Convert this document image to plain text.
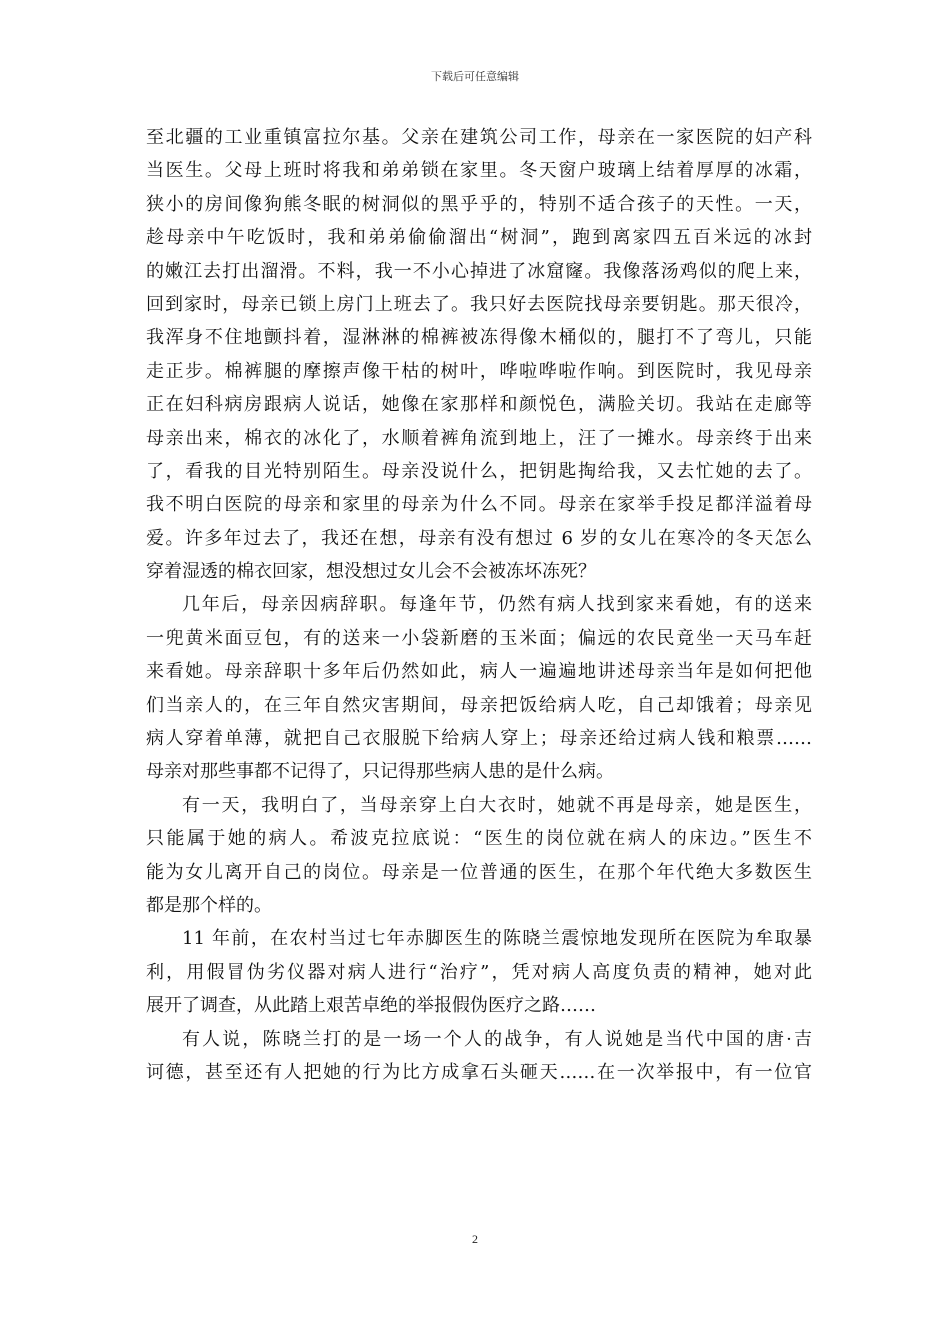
下载后可任意编辑
至北疆的工业重镇富拉尔基。父亲在建筑公司工作，母亲在一家医院的妇产科
当医生。父母上班时将我和弟弟锁在家里。冬天窗户玻璃上结着厚厚的冰霜，
狭小的房间像狗熊冬眠的树洞似的黑乎乎的，特别不适合孩子的天性。一天，
趁母亲中午吃饭时，我和弟弟偷偷溜出“树洞”，跑到离家四五百米远的冰封
的嫩江去打出溜滑。不料，我一不小心掉进了冰窟窿。我像落汤鸡似的爬上来，
回到家时，母亲已锁上房门上班去了。我只好去医院找母亲要钥匙。那天很冷，
我浑身不住地颤抖着，湿淋淋的棉裤被冻得像木桶似的，腿打不了弯儿，只能
走正步。棉裤腿的摩擦声像干枯的树叶，哗啦哗啦作响。到医院时，我见母亲
正在妇科病房跟病人说话，她像在家那样和颜悦色，满脸关切。我站在走廊等
母亲出来，棉衣的冰化了，水顺着裤角流到地上，汪了一摊水。母亲终于出来
了，看我的目光特别陌生。母亲没说什么，把钥匙掏给我，又去忙她的去了。
我不明白医院的母亲和家里的母亲为什么不同。母亲在家举手投足都洋溢着母
爱。许多年过去了，我还在想，母亲有没有想过 6 岁的女儿在寒冷的冬天怎么
穿着湿透的棉衣回家，想没想过女儿会不会被冻坏冻死？
几年后，母亲因病辞职。每逢年节，仍然有病人找到家来看她，有的送来
一兜黄米面豆包，有的送来一小袋新磨的玉米面；偏远的农民竟坐一天马车赶
来看她。母亲辞职十多年后仍然如此，病人一遍遍地讲述母亲当年是如何把他
们当亲人的，在三年自然灾害期间，母亲把饭给病人吃，自己却饿着；母亲见
病人穿着单薄，就把自己衣服脱下给病人穿上；母亲还给过病人钱和粮票……
母亲对那些事都不记得了，只记得那些病人患的是什么病。
有一天，我明白了，当母亲穿上白大衣时，她就不再是母亲，她是医生，
只能属于她的病人。希波克拉底说：“医生的岗位就在病人的床边。”医生不
能为女儿离开自己的岗位。母亲是一位普通的医生，在那个年代绝大多数医生
都是那个样的。
11 年前，在农村当过七年赤脚医生的陈晓兰震惊地发现所在医院为牟取暴
利，用假冒伪劣仪器对病人进行“治疗”，凭对病人高度负责的精神，她对此
展开了调查，从此踏上艰苦卓绝的举报假伪医疗之路……
有人说，陈晓兰打的是一场一个人的战争，有人说她是当代中国的唐·吉
诃德，甚至还有人把她的行为比方成拿石头砸天……在一次举报中，有一位官
2
